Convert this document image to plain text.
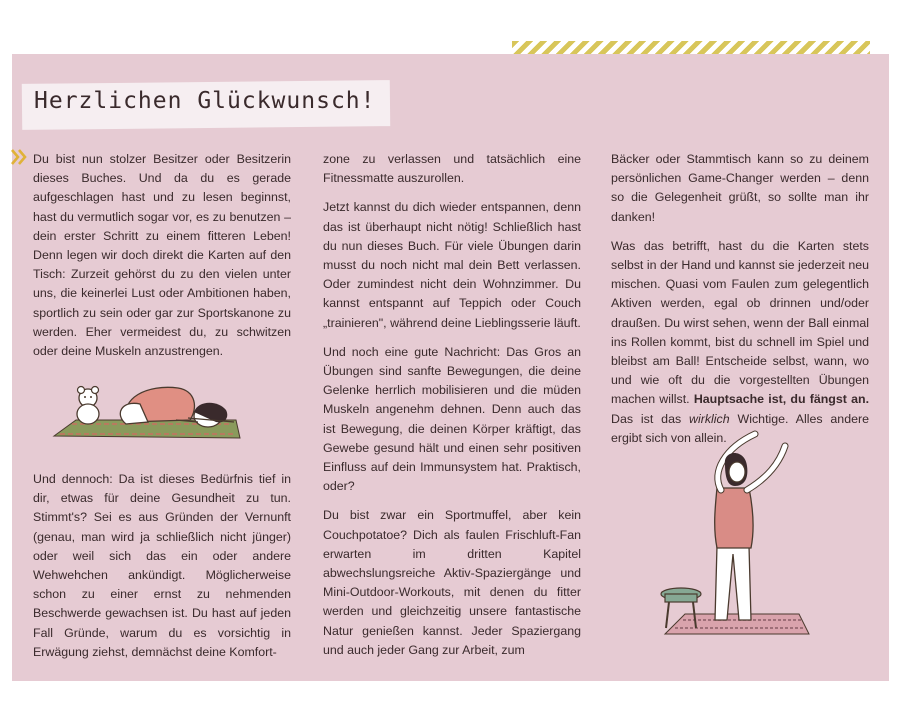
Herzlichen Glückwunsch!

Du bist nun stolzer Besitzer oder Besitzerin dieses Buches. Und da du es gerade aufgeschlagen hast und zu lesen beginnst, hast du vermutlich sogar vor, es zu benutzen – dein erster Schritt zu einem fitteren Leben! Denn legen wir doch direkt die Karten auf den Tisch: Zurzeit gehörst du zu den vielen unter uns, die keinerlei Lust oder Ambitionen haben, sportlich zu sein oder gar zur Sportskanone zu werden. Eher vermeidest du, zu schwitzen oder deine Muskeln anzustrengen.

Und dennoch: Da ist dieses Bedürfnis tief in dir, etwas für deine Gesundheit zu tun. Stimmt's? Sei es aus Gründen der Vernunft (genau, man wird ja schließlich nicht jünger) oder weil sich das ein oder andere Wehwehchen ankündigt. Möglicherweise schon zu einer ernst zu nehmenden Beschwerde gewachsen ist. Du hast auf jeden Fall Gründe, warum du es vorsichtig in Erwägung ziehst, demnächst deine Komfort-

zone zu verlassen und tatsächlich eine Fitnessmatte auszurollen.

Jetzt kannst du dich wieder entspannen, denn das ist überhaupt nicht nötig! Schließlich hast du nun dieses Buch. Für viele Übungen darin musst du noch nicht mal dein Bett verlassen. Oder zumindest nicht dein Wohnzimmer. Du kannst entspannt auf Teppich oder Couch „trainieren", während deine Lieblingsserie läuft.

Und noch eine gute Nachricht: Das Gros an Übungen sind sanfte Bewegungen, die deine Gelenke herrlich mobilisieren und die müden Muskeln angenehm dehnen. Denn auch das ist Bewegung, die deinen Körper kräftigt, das Gewebe gesund hält und einen sehr positiven Einfluss auf dein Immunsystem hat. Praktisch, oder?

Du bist zwar ein Sportmuffel, aber kein Couchpotatoe? Dich als faulen Frischluft-Fan erwarten im dritten Kapitel abwechslungsreiche Aktiv-Spaziergänge und Mini-Outdoor-Workouts, mit denen du fitter werden und gleichzeitig unsere fantastische Natur genießen kannst. Jeder Spaziergang und auch jeder Gang zur Arbeit, zum

Bäcker oder Stammtisch kann so zu deinem persönlichen Game-Changer werden – denn so die Gelegenheit grüßt, so sollte man ihr danken!

Was das betrifft, hast du die Karten stets selbst in der Hand und kannst sie jederzeit neu mischen. Quasi vom Faulen zum gelegentlich Aktiven werden, egal ob drinnen und/oder draußen. Du wirst sehen, wenn der Ball einmal ins Rollen kommt, bist du schnell im Spiel und bleibst am Ball! Entscheide selbst, wann, wo und wie oft du die vorgestellten Übungen machen willst. Hauptsache ist, du fängst an. Das ist das wirklich Wichtige. Alles andere ergibt sich von allein.
